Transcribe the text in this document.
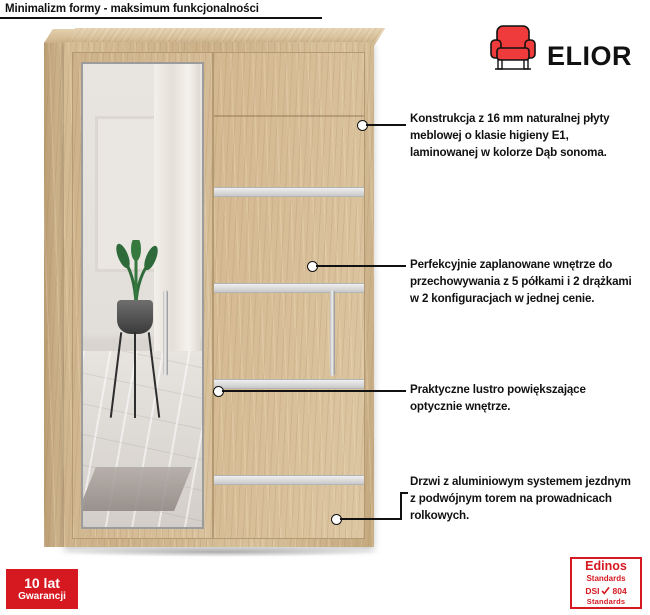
Minimalizm formy - maksimum funkcjonalności
ELIOR
Konstrukcja z 16 mm naturalnej płyty meblowej o klasie higieny E1, laminowanej w kolorze Dąb sonoma.
Perfekcyjnie zaplanowane wnętrze do przechowywania z 5 półkami i 2 drążkami w 2 konfiguracjach w jednej cenie.
Praktyczne lustro powiększające optycznie wnętrze.
Drzwi z aluminiowym systemem jezdnym z podwójnym torem na prowadnicach rolkowych.
10 lat
Gwarancji
Edinos
Standards
DSI 804
Standards
